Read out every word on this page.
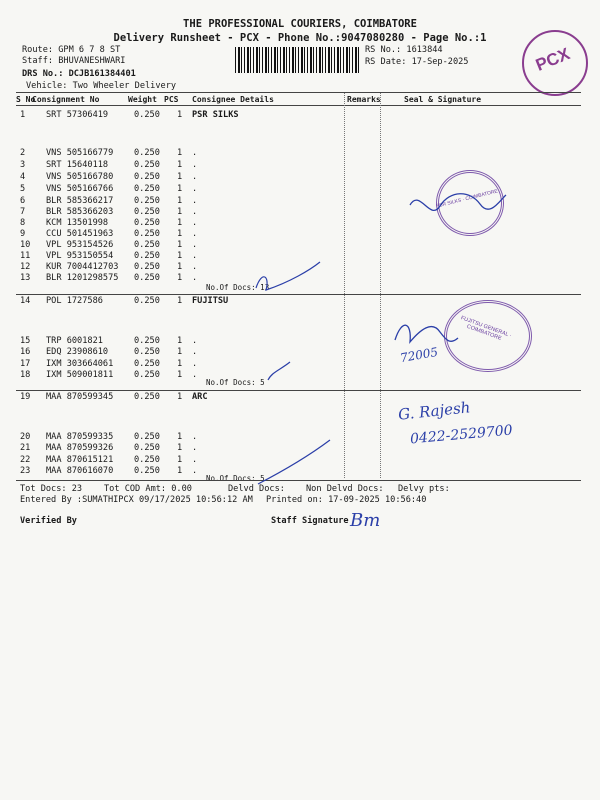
THE PROFESSIONAL COURIERS, COIMBATORE
Delivery Runsheet - PCX - Phone No.:9047080280 - Page No.:1
Route: GPM 6 7 8 ST
Staff: BHUVANESHWARI
DRS No.: DCJB161384401
Vehicle: Two Wheeler Delivery
RS No.: 1613844
RS Date: 17-Sep-2025	PCX
S No
Consignment No	Weight PCS Consignee Details	Remarks	Seal & Signature
1 SRT 57306419	0.250 1 PSR SILKS
2 VNS 505166779 0.250 1 .
3 SRT 15640118	0.250 1 .
4 VNS 505166780 0.250 1 .
5 VNS 505166766 0.250 1 .
6 BLR 585366217 0.250 1 .
7 BLR 585366203 0.250 1 .
8 KCM 13501998	0.250 1 .
9 CCU 501451963 0.250 1 .
10 VPL 953154526 0.250 1 .
11 VPL 953150554 0.250 1 .
12 KUR 7004412703 0.250 1 .
13 BLR 1201298575 0.250 1 .
No.Of Docs: 13
14 POL 1727586	0.250 1 FUJITSU
15 TRP 6001821	0.250 1 .
16 EDQ 23908610	0.250 1 .
17 IXM 303664061 0.250 1 .
18 IXM 509001811 0.250 1 .
No.Of Docs: 5
19 MAA 870599345 0.250 1 ARC
20 MAA 870599335 0.250 1 .
21 MAA 870599326 0.250 1 .
22 MAA 870615121 0.250 1 .
23 MAA 870616070 0.250 1 .
No.Of Docs: 5
Tot Docs: 23	Tot COD Amt: 0.00	Delvd Docs: Non Delvd Docs: Delvy pts:
Entered By :SUMATHIPCX 09/17/2025 10:56:12 AM Printed on: 17-09-2025 10:56:40
Verified By	Staff Signature
G. Rajesh
0422-2529700
72005
Bm
PSR SILKS · COIMBATORE
FUJITSU GENERAL · COIMBATORE
